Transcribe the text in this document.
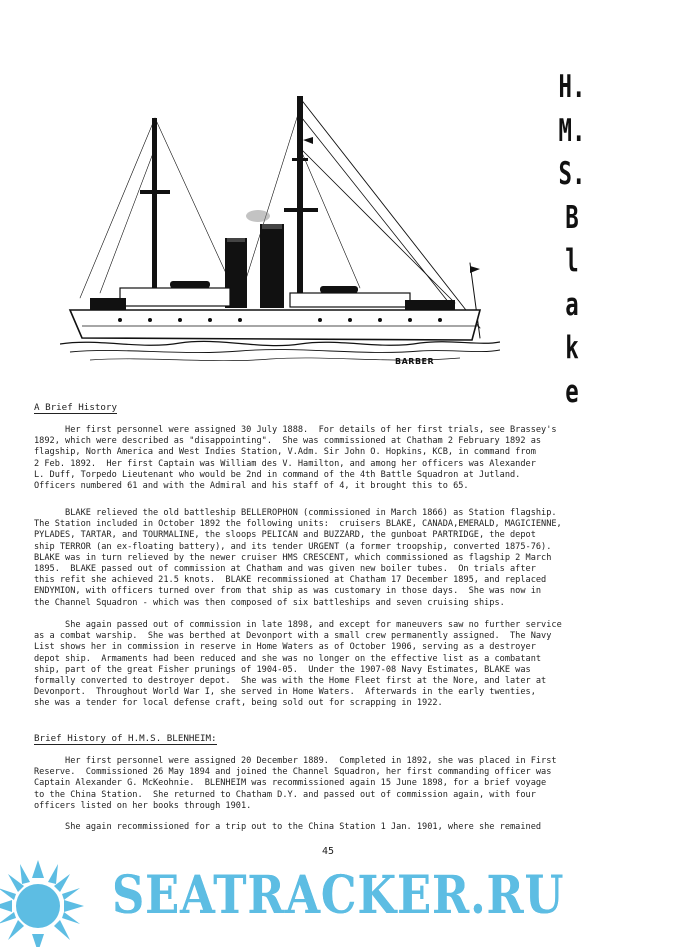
BARBER
H.
M.
S.
B
l
a
k
e
A Brief History

Her first personnel were assigned 30 July 1888.  For details of her first trials, see Brassey's
1892, which were described as "disappointing".  She was commissioned at Chatham 2 February 1892 as
flagship, North America and West Indies Station, V.Adm. Sir John O. Hopkins, KCB, in command from
2 Feb. 1892.  Her first Captain was William des V. Hamilton, and among her officers was Alexander
L. Duff, Torpedo Lieutenant who would be 2nd in command of the 4th Battle Squadron at Jutland.
Officers numbered 61 and with the Admiral and his staff of 4, it brought this to 65.

BLAKE relieved the old battleship BELLEROPHON (commissioned in March 1866) as Station flagship.
The Station included in October 1892 the following units:  cruisers BLAKE, CANADA,EMERALD, MAGICIENNE,
PYLADES, TARTAR, and TOURMALINE, the sloops PELICAN and BUZZARD, the gunboat PARTRIDGE, the depot
ship TERROR (an ex-floating battery), and its tender URGENT (a former troopship, converted 1875-76).
BLAKE was in turn relieved by the newer cruiser HMS CRESCENT, which commissioned as flagship 2 March
1895.  BLAKE passed out of commission at Chatham and was given new boiler tubes.  On trials after
this refit she achieved 21.5 knots.  BLAKE recommissioned at Chatham 17 December 1895, and replaced
ENDYMION, with officers turned over from that ship as was customary in those days.  She was now in
the Channel Squadron - which was then composed of six battleships and seven cruising ships.

She again passed out of commission in late 1898, and except for maneuvers saw no further service
as a combat warship.  She was berthed at Devonport with a small crew permanently assigned.  The Navy
List shows her in commission in reserve in Home Waters as of October 1906, serving as a destroyer
depot ship.  Armaments had been reduced and she was no longer on the effective list as a combatant
ship, part of the great Fisher prunings of 1904-05.  Under the 1907-08 Navy Estimates, BLAKE was
formally converted to destroyer depot.  She was with the Home Fleet first at the Nore, and later at
Devonport.  Throughout World War I, she served in Home Waters.  Afterwards in the early twenties,
she was a tender for local defense craft, being sold out for scrapping in 1922.

Brief History of H.M.S. BLENHEIM:

Her first personnel were assigned 20 December 1889.  Completed in 1892, she was placed in First
Reserve.  Commissioned 26 May 1894 and joined the Channel Squadron, her first commanding officer was
Captain Alexander G. McKeohnie.  BLENHEIM was recommissioned again 15 June 1898, for a brief voyage
to the China Station.  She returned to Chatham D.Y. and passed out of commission again, with four
officers listed on her books through 1901.

She again recommissioned for a trip out to the China Station 1 Jan. 1901, where she remained

45
SEATRACKER.RU
